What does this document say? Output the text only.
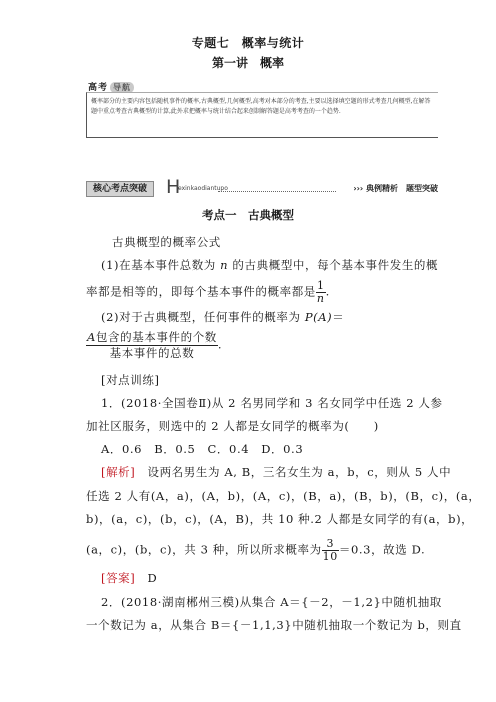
专题七　概率与统计
第一讲　概率
高考 导航
概率部分的主要内容包括随机事件的概率,古典概型,几何概型,高考对本部分的考查,主要以选择填空题的形式考查几何概型,在解答题中重点考查古典概型的计算,此外求把概率与统计结合起来创制解答题是高考考查的一个趋势.
核心考点突破 H
exinkaodiantupo	››› 典例精析　题型突破
考点一　古典概型
古典概型的概率公式
(1)在基本事件总数为 n 的古典概型中，每个基本事件发生的概
率都是相等的，即每个基本事件的概率都是 $\frac{1}{n}$ .
(2)对于古典概型，任何事件的概率为 P(A)＝
$\frac{\text{A包含的基本事件的个数}}{\text{基本事件的总数}}$ .
[对点训练]
1．(2018·全国卷Ⅱ)从 2 名男同学和 3 名女同学中任选 2 人参
加社区服务，则选中的 2 人都是女同学的概率为(　　)
A．0.6　B．0.5　C．0.4　D．0.3
[解析]　设两名男生为 A, B，三名女生为 a，b，c，则从 5 人中
任选 2 人有(A，a)，(A，b)，(A，c)，(B，a)，(B，b)，(B，c)，(a，
b)，(a，c)，(b，c)，(A，B)，共 10 种.2 人都是女同学的有(a，b)，
(a，c)，(b，c)，共 3 种，所以所求概率为 $\frac{3}{10} =0.3$，故选 D.
[答案]　D
2．(2018·湖南郴州三模)从集合 A＝{－2，－1,2}中随机抽取
一个数记为 a，从集合 B＝{－1,1,3}中随机抽取一个数记为 b，则直
